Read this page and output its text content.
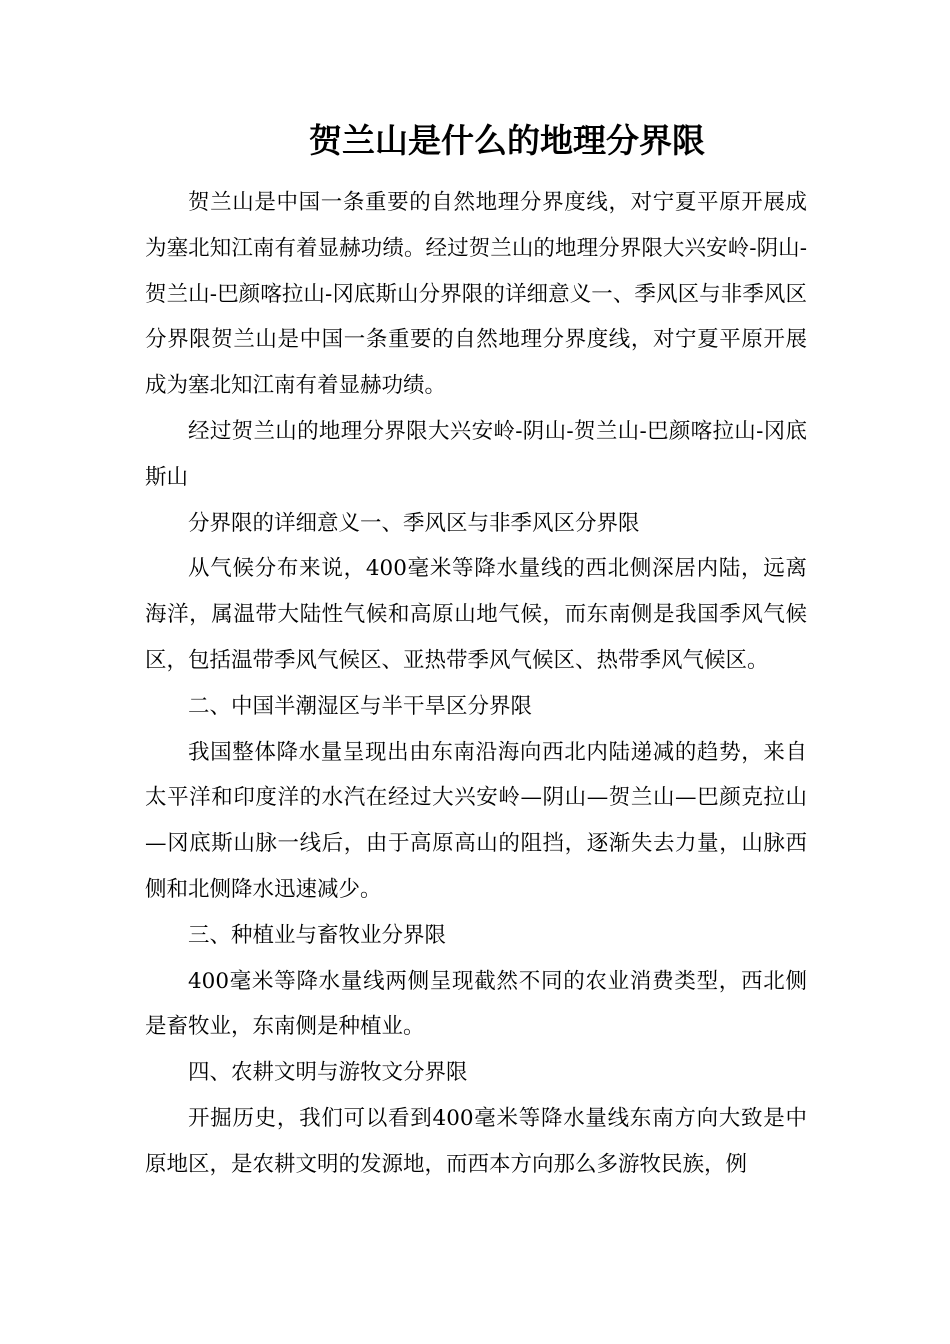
贺兰山是什么的地理分界限

贺兰山是中国一条重要的自然地理分界度线，对宁夏平原开展成为塞北知江南有着显赫功绩。经过贺兰山的地理分界限大兴安岭-阴山-贺兰山-巴颜喀拉山-冈底斯山分界限的详细意义一、季风区与非季风区分界限贺兰山是中国一条重要的自然地理分界度线，对宁夏平原开展成为塞北知江南有着显赫功绩。

经过贺兰山的地理分界限大兴安岭-阴山-贺兰山-巴颜喀拉山-冈底斯山

分界限的详细意义一、季风区与非季风区分界限

从气候分布来说，400毫米等降水量线的西北侧深居内陆，远离海洋，属温带大陆性气候和高原山地气候，而东南侧是我国季风气候区，包括温带季风气候区、亚热带季风气候区、热带季风气候区。

二、中国半潮湿区与半干旱区分界限

我国整体降水量呈现出由东南沿海向西北内陆递减的趋势，来自太平洋和印度洋的水汽在经过大兴安岭—阴山—贺兰山—巴颜克拉山—冈底斯山脉一线后，由于高原高山的阻挡，逐渐失去力量，山脉西侧和北侧降水迅速减少。

三、种植业与畜牧业分界限

400毫米等降水量线两侧呈现截然不同的农业消费类型，西北侧是畜牧业，东南侧是种植业。

四、农耕文明与游牧文分界限

开掘历史，我们可以看到400毫米等降水量线东南方向大致是中原地区，是农耕文明的发源地，而西本方向那么多游牧民族，例
